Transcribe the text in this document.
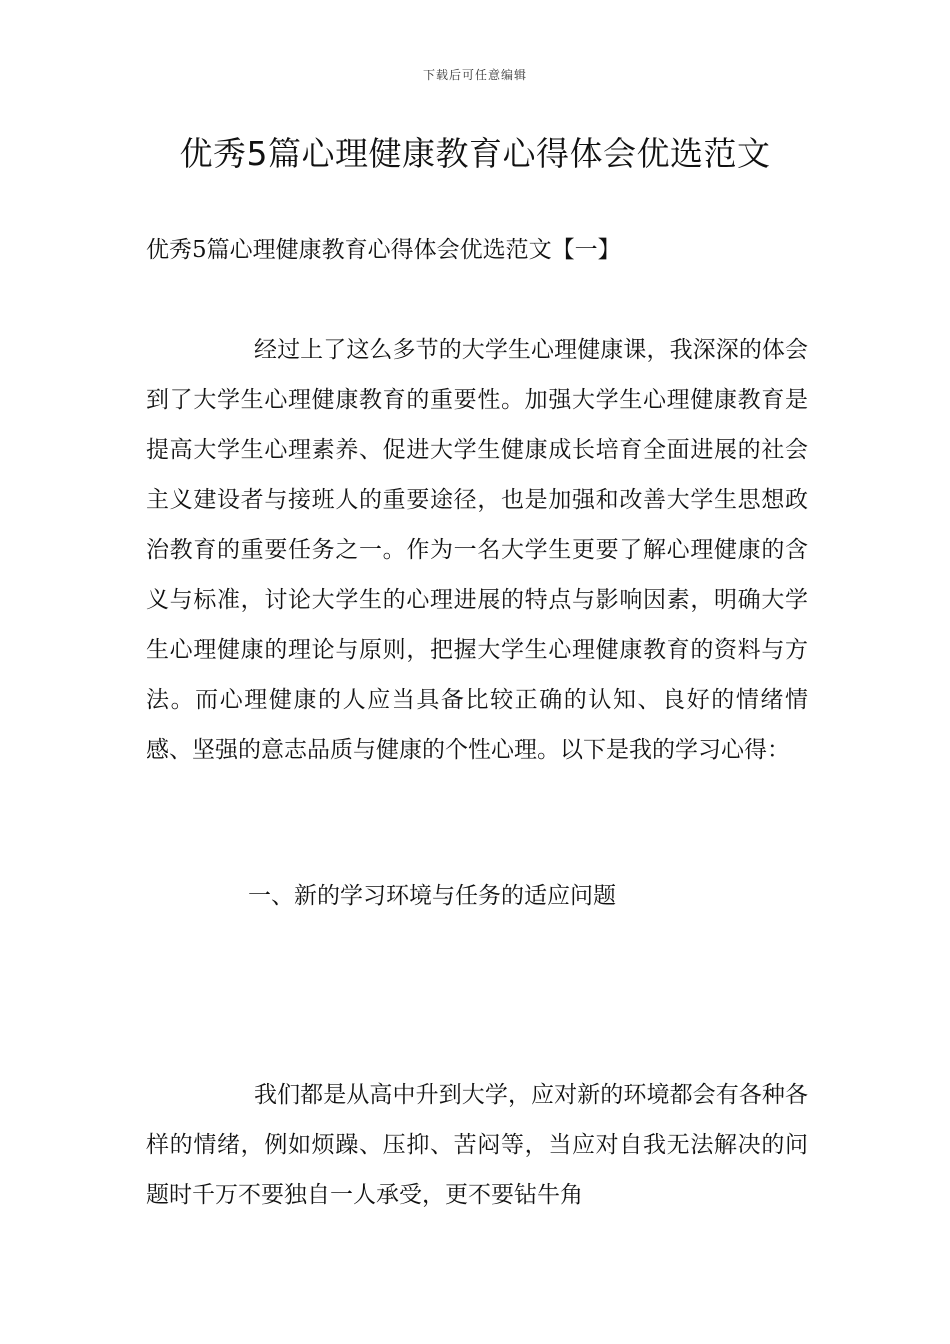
下载后可任意编辑
优秀5篇心理健康教育心得体会优选范文
优秀5篇心理健康教育心得体会优选范文【一】

经过上了这么多节的大学生心理健康课，我深深的体会到了大学生心理健康教育的重要性。加强大学生心理健康教育是提高大学生心理素养、促进大学生健康成长培育全面进展的社会主义建设者与接班人的重要途径，也是加强和改善大学生思想政治教育的重要任务之一。作为一名大学生更要了解心理健康的含义与标准，讨论大学生的心理进展的特点与影响因素，明确大学生心理健康的理论与原则，把握大学生心理健康教育的资料与方法。而心理健康的人应当具备比较正确的认知、良好的情绪情感、坚强的意志品质与健康的个性心理。以下是我的学习心得：

一、新的学习环境与任务的适应问题

我们都是从高中升到大学，应对新的环境都会有各种各样的情绪，例如烦躁、压抑、苦闷等，当应对自我无法解决的问题时千万不要独自一人承受，更不要钻牛角
